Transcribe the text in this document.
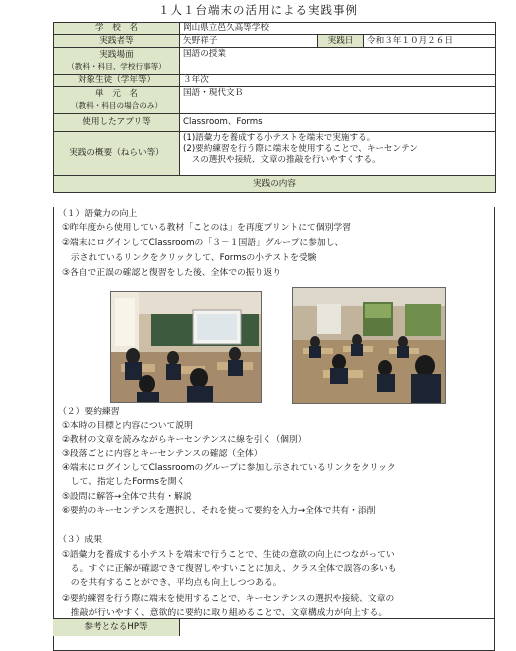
１人１台端末の活用による実践事例
学　校　名	岡山県立邑久高等学校		
実践者等	矢野祥子	実践日	令和３年１０月２６日

実践場面
（教科・科目、学校行事等）	国語の授業		
対象生徒（学年等）	３年次		

単　元　名
（教科・科目の場合のみ）	国語・現代文Ｂ		
使用したアプリ等	Classroom、Forms		
実践の概要（ねらい等）	(1)語彙力を養成する小テストを端末で実施する。
(2)要約練習を行う際に端末を使用することで、キーセンテン
　スの選択や接続、文章の推敲を行いやすくする。		

実践の内容			
（１）語彙力の向上
①昨年度から使用している教材「ことのは」を再度プリントにて個別学習
②端末にログインしてClassroomの「３－１国語」グループに参加し、
　示されているリンクをクリックして、Formsの小テストを受験
③各自で正誤の確認と復習をした後、全体での振り返り
（２）要約練習
①本時の目標と内容について説明
②教材の文章を読みながらキーセンテンスに線を引く（個別）
③段落ごとに内容とキーセンテンスの確認（全体）
④端末にログインしてClassroomのグループに参加し示されているリンクをクリック
　して、指定したFormsを開く
⑤設問に解答→全体で共有・解説
⑥要約のキーセンテンスを選択し、それを使って要約を入力→全体で共有・添削
（３）成果
①語彙力を養成する小テストを端末で行うことで、生徒の意欲の向上につながってい
　る。すぐに正解が確認できて復習しやすいことに加え、クラス全体で誤答の多いも
　のを共有することができ、平均点も向上しつつある。
②要約練習を行う際に端末を使用することで、キーセンテンスの選択や接続、文章の
　推敲が行いやすく、意欲的に要約に取り組めることで、文章構成力が向上する。
参考となるHP等
